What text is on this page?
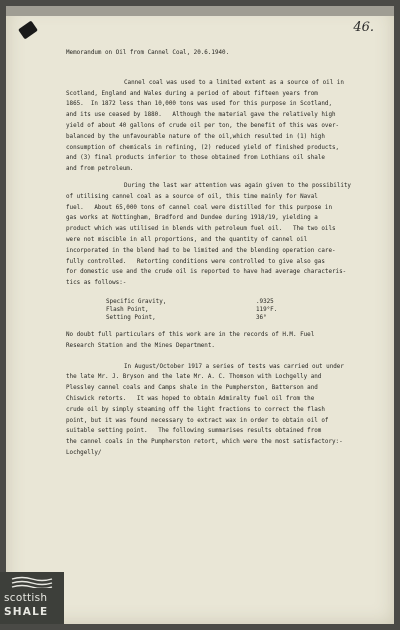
46.

Memorandum on Oil from Cannel Coal, 20.6.1940.

Cannel coal was used to a limited extent as a source of oil in

Scotland, England and Wales during a period of about fifteen years from

1865.  In 1872 less than 10,000 tons was used for this purpose in Scotland,

and its use ceased by 1880.   Although the material gave the relatively high

yield of about 40 gallons of crude oil per ton, the benefit of this was over-

balanced by the unfavourable nature of the oil,which resulted in (1) high

consumption of chemicals in refining, (2) reduced yield of finished products,

and (3) final products inferior to those obtained from Lothians oil shale

and from petroleum.

During the last war attention was again given to the possibility

of utilising cannel coal as a source of oil, this time mainly for Naval

fuel.   About 65,000 tons of cannel coal were distilled for this purpose in

gas works at Nottingham, Bradford and Dundee during 1918/19, yielding a

product which was utilised in blends with petroleum fuel oil.   The two oils

were not miscible in all proportions, and the quantity of cannel oil

incorporated in the blend had to be limited and the blending operation care-

fully controlled.   Retorting conditions were controlled to give also gas

for domestic use and the crude oil is reported to have had average characteris-

tics as follows:-

Specific Gravity,	.9325
Flash Point,	119°F.
Setting Point,	36°

No doubt full particulars of this work are in the records of H.M. Fuel

Research Station and the Mines Department.

In August/October 1917 a series of tests was carried out under

the late Mr. J. Bryson and the late Mr. A. C. Thomson with Lochgelly and

Plessley cannel coals and Camps shale in the Pumpherston, Batterson and

Chiswick retorts.   It was hoped to obtain Admiralty fuel oil from the

crude oil by simply steaming off the light fractions to correct the flash

point, but it was found necessary to extract wax in order to obtain oil of

suitable setting point.   The following summarises results obtained from

the cannel coals in the Pumpherston retort, which were the most satisfactory:-

Lochgelly/

scottish
SHALE
